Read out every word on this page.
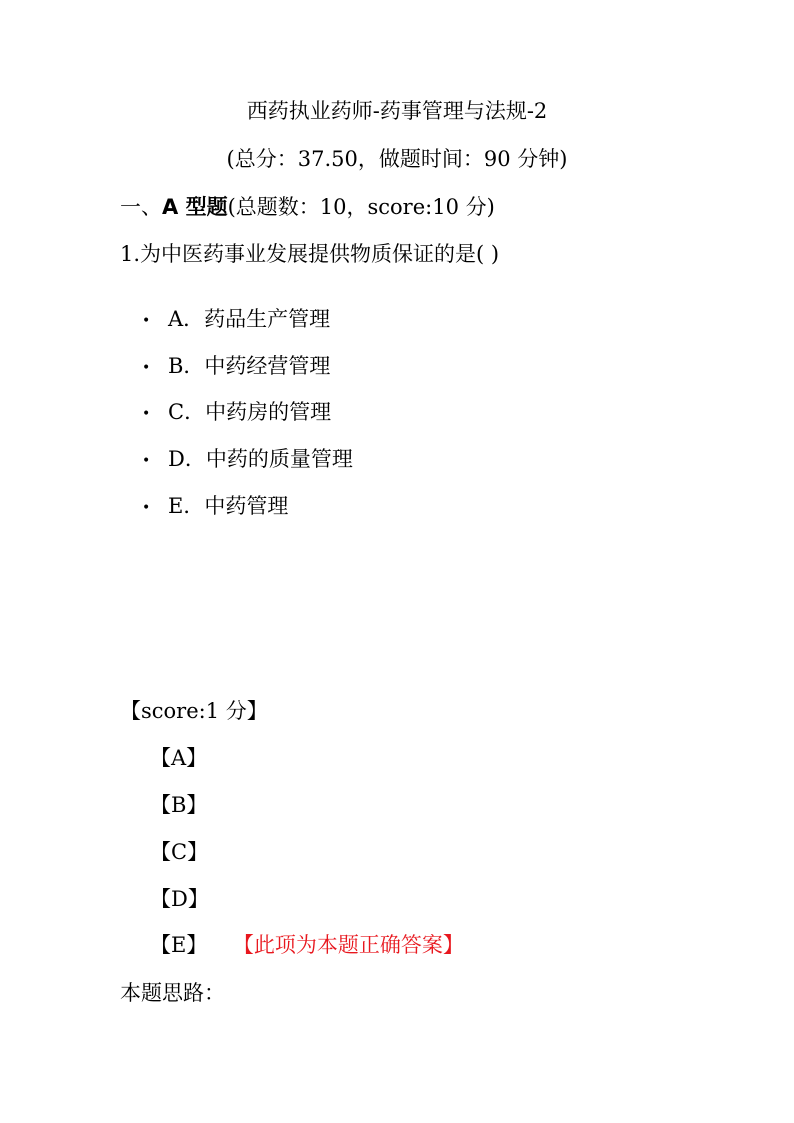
西药执业药师-药事管理与法规-2
(总分：37.50，做题时间：90 分钟)
一、A 型题(总题数：10，score:10 分)
1.为中医药事业发展提供物质保证的是( )
• A．药品生产管理
• B．中药经营管理
• C．中药房的管理
• D．中药的质量管理
• E．中药管理
【score:1 分】
【A】
【B】
【C】
【D】
【E】 【此项为本题正确答案】
本题思路：
